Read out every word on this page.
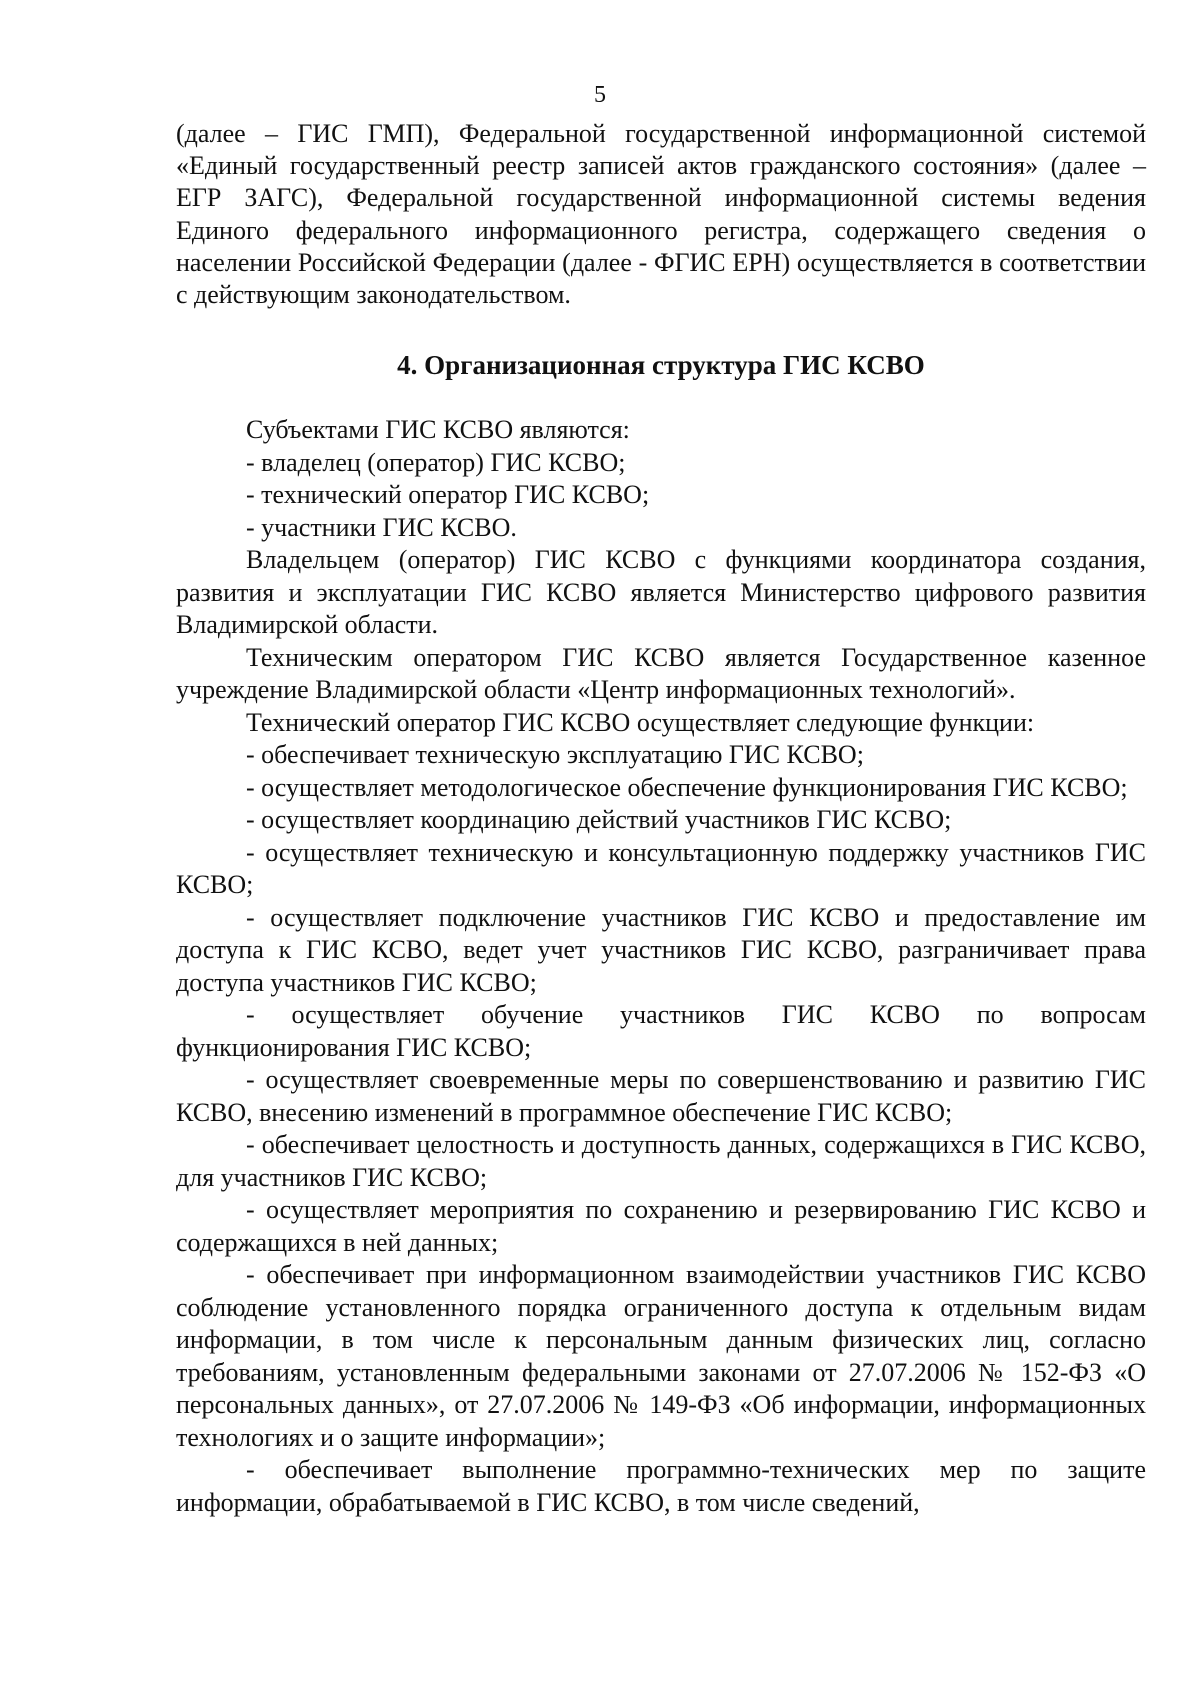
5

(далее – ГИС ГМП), Федеральной государственной информационной системой «Единый государственный реестр записей актов гражданского состояния» (далее – ЕГР ЗАГС), Федеральной государственной информационной системы ведения Единого федерального информационного регистра, содержащего сведения о населении Российской Федерации (далее - ФГИС ЕРН) осуществляется в соответствии с действующим законодательством.

4. Организационная структура ГИС КСВО

Субъектами ГИС КСВО являются:

- владелец (оператор) ГИС КСВО;

- технический оператор ГИС КСВО;

- участники ГИС КСВО.

Владельцем (оператор) ГИС КСВО с функциями координатора создания, развития и эксплуатации ГИС КСВО является Министерство цифрового развития Владимирской области.

Техническим оператором ГИС КСВО является Государственное казенное учреждение Владимирской области «Центр информационных технологий».

Технический оператор ГИС КСВО осуществляет следующие функции:

- обеспечивает техническую эксплуатацию ГИС КСВО;

- осуществляет методологическое обеспечение функционирования ГИС КСВО;

- осуществляет координацию действий участников ГИС КСВО;

- осуществляет техническую и консультационную поддержку участников ГИС КСВО;

- осуществляет подключение участников ГИС КСВО и предоставление им доступа к ГИС КСВО, ведет учет участников ГИС КСВО, разграничивает права доступа участников ГИС КСВО;

- осуществляет обучение участников ГИС КСВО по вопросам функционирования ГИС КСВО;

- осуществляет своевременные меры по совершенствованию и развитию ГИС КСВО, внесению изменений в программное обеспечение ГИС КСВО;

- обеспечивает целостность и доступность данных, содержащихся в ГИС КСВО, для участников ГИС КСВО;

- осуществляет мероприятия по сохранению и резервированию ГИС КСВО и содержащихся в ней данных;

- обеспечивает при информационном взаимодействии участников ГИС КСВО соблюдение установленного порядка ограниченного доступа к отдельным видам информации, в том числе к персональным данным физических лиц, согласно требованиям, установленным федеральными законами от 27.07.2006 № 152-ФЗ «О персональных данных», от 27.07.2006 № 149-ФЗ «Об информации, информационных технологиях и о защите информации»;

- обеспечивает выполнение программно-технических мер по защите информации, обрабатываемой в ГИС КСВО, в том числе сведений,
